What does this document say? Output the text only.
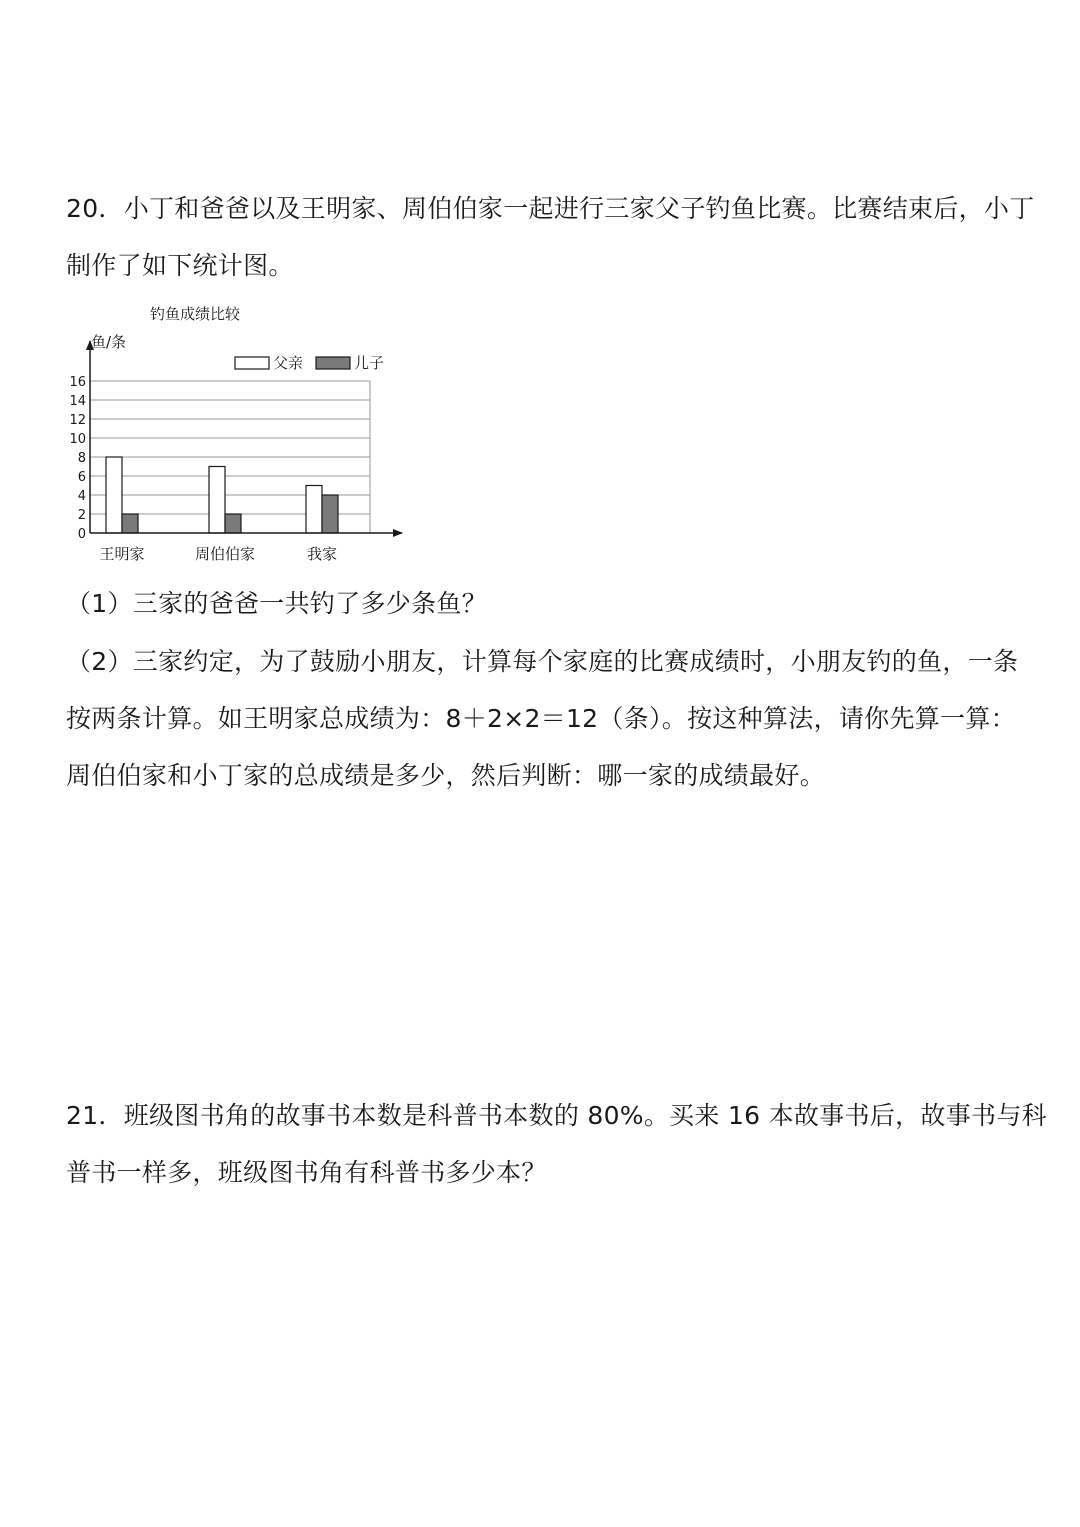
20．小丁和爸爸以及王明家、周伯伯家一起进行三家父子钓鱼比赛。比赛结束后，小丁
制作了如下统计图。
0
2
4
6
8
10
12
14
16
王明家	周伯伯家	我家
钓鱼成绩比较
鱼/条
父亲	儿子
（1）三家的爸爸一共钓了多少条鱼？
（2）三家约定，为了鼓励小朋友，计算每个家庭的比赛成绩时，小朋友钓的鱼，一条
按两条计算。如王明家总成绩为：8＋2×2＝12（条）。按这种算法，请你先算一算：
周伯伯家和小丁家的总成绩是多少，然后判断：哪一家的成绩最好。
21．班级图书角的故事书本数是科普书本数的 80%。买来 16 本故事书后，故事书与科
普书一样多，班级图书角有科普书多少本？
